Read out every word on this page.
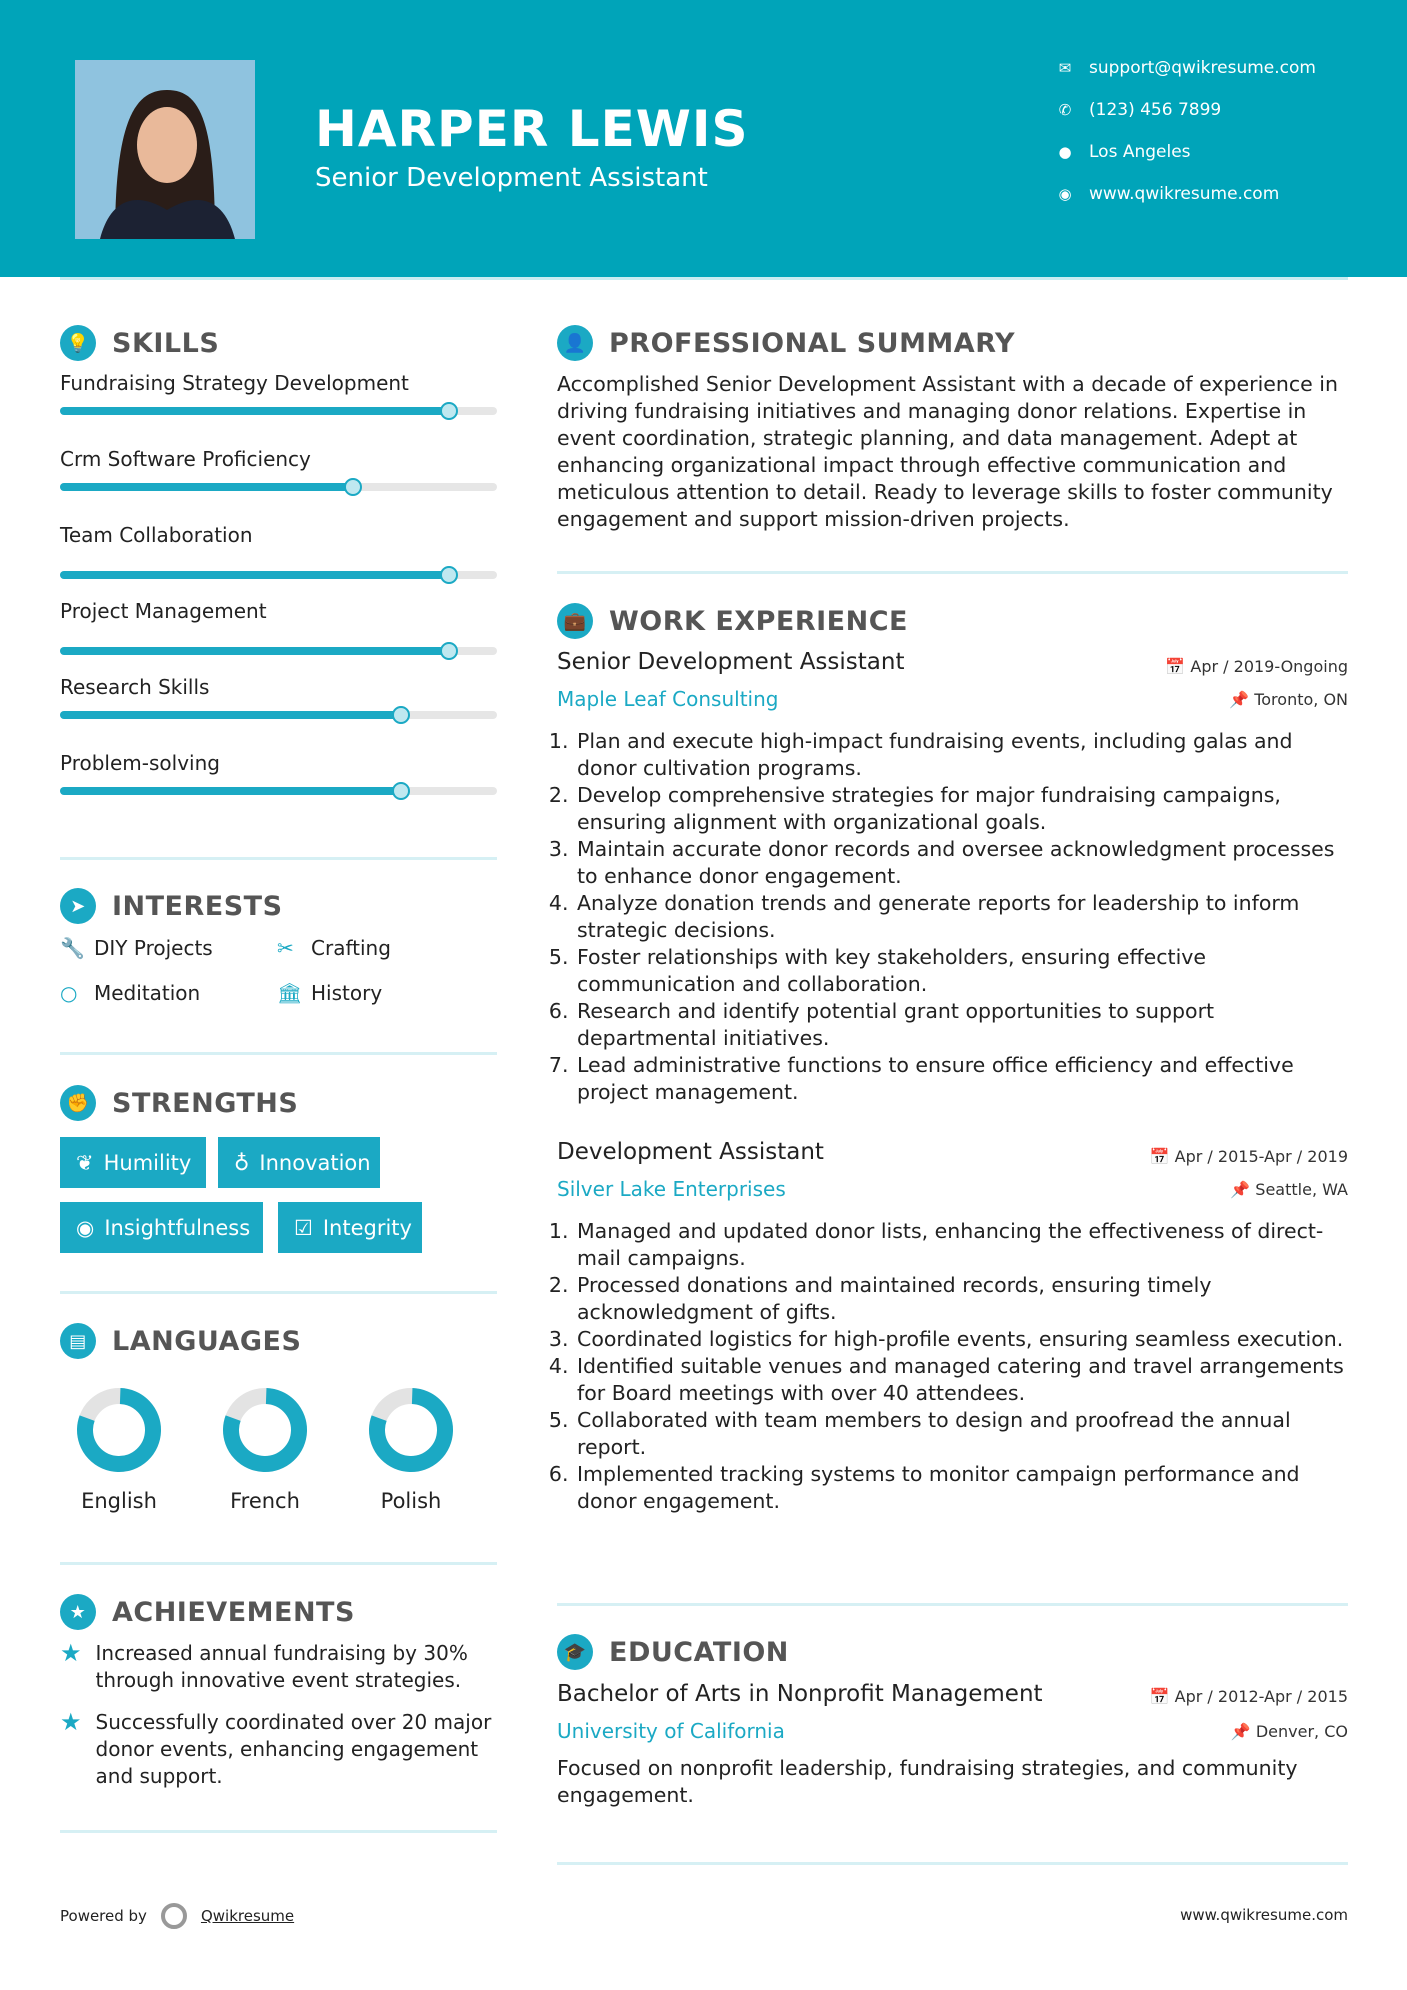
HARPER LEWIS
Senior Development Assistant
✉ support@qwikresume.com
✆ (123) 456 7899
● Los Angeles
◉ www.qwikresume.com
💡 SKILLS
Fundraising Strategy Development
Crm Software Proficiency
Team Collaboration
Project Management
Research Skills
Problem-solving
➤ INTERESTS
🔧 DIY Projects	✂ Crafting
○ Meditation	🏛 History
✊ STRENGTHS
❦ Humility ♁ Innovation
◉ Insightfulness ☑ Integrity
▤ LANGUAGES
English	French	Polish
★ ACHIEVEMENTS
★ Increased annual fundraising by 30% through innovative event strategies.
★ Successfully coordinated over 20 major donor events, enhancing engagement and support.
👤 PROFESSIONAL SUMMARY
Accomplished Senior Development Assistant with a decade of experience in driving fundraising initiatives and managing donor relations. Expertise in event coordination, strategic planning, and data management. Adept at enhancing organizational impact through effective communication and meticulous attention to detail. Ready to leverage skills to foster community engagement and support mission-driven projects.
💼 WORK EXPERIENCE
Senior Development Assistant	📅 Apr / 2019-Ongoing
Maple Leaf Consulting	📌 Toronto, ON
1. Plan and execute high-impact fundraising events, including galas and donor cultivation programs.
2. Develop comprehensive strategies for major fundraising campaigns, ensuring alignment with organizational goals.
3. Maintain accurate donor records and oversee acknowledgment processes to enhance donor engagement.
4. Analyze donation trends and generate reports for leadership to inform strategic decisions.
5. Foster relationships with key stakeholders, ensuring effective communication and collaboration.
6. Research and identify potential grant opportunities to support departmental initiatives.
7. Lead administrative functions to ensure office efficiency and effective project management.
Development Assistant	📅 Apr / 2015-Apr / 2019
Silver Lake Enterprises	📌 Seattle, WA
1. Managed and updated donor lists, enhancing the effectiveness of direct-mail campaigns.
2. Processed donations and maintained records, ensuring timely acknowledgment of gifts.
3. Coordinated logistics for high-profile events, ensuring seamless execution.
4. Identified suitable venues and managed catering and travel arrangements for Board meetings with over 40 attendees.
5. Collaborated with team members to design and proofread the annual report.
6. Implemented tracking systems to monitor campaign performance and donor engagement.
🎓 EDUCATION
Bachelor of Arts in Nonprofit Management	📅 Apr / 2012-Apr / 2015
University of California	📌 Denver, CO
Focused on nonprofit leadership, fundraising strategies, and community engagement.
Powered by	Qwikresume	www.qwikresume.com
